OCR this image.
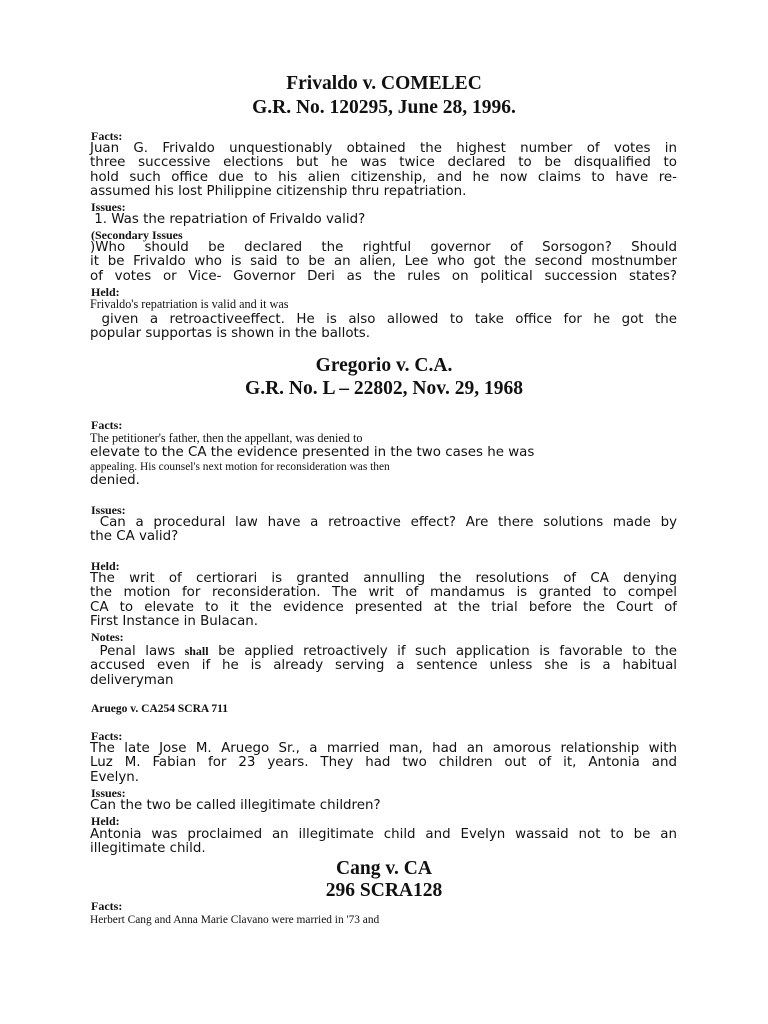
Frivaldo v. COMELEC
G.R. No. 120295, June 28, 1996.
Facts:
Juan G. Frivaldo unquestionably obtained the highest number of votes in
three successive elections but he was twice declared to be disqualified to
hold such office due to his alien citizenship, and he now claims to have re-
assumed his lost Philippine citizenship thru repatriation.
Issues:
1. Was the repatriation of Frivaldo valid?
(Secondary Issues
)Who should be declared the rightful governor of Sorsogon? Should
it be Frivaldo who is said to be an alien, Lee who got the second mostnumber
of votes or Vice- Governor Deri as the rules on political succession states?
Held:
Frivaldo's repatriation is valid and it was
given a retroactiveeffect. He is also allowed to take office for he got the
popular supportas is shown in the ballots.
Gregorio v. C.A.
G.R. No. L – 22802, Nov. 29, 1968
Facts:
The petitioner's father, then the appellant, was denied to
elevate to the CA the evidence presented in the two cases he was
appealing. His counsel's next motion for reconsideration was then
denied.
Issues:
Can a procedural law have a retroactive effect? Are there solutions made by
the CA valid?
Held:
The writ of certiorari is granted annulling the resolutions of CA denying
the motion for reconsideration. The writ of mandamus is granted to compel
CA to elevate to it the evidence presented at the trial before the Court of
First Instance in Bulacan.
Notes:
Penal laws shall be applied retroactively if such application is favorable to the
accused even if he is already serving a sentence unless she is a habitual
deliveryman
Aruego v. CA254 SCRA 711
Facts:
The late Jose M. Aruego Sr., a married man, had an amorous relationship with
Luz M. Fabian for 23 years. They had two children out of it, Antonia and
Evelyn.
Issues:
Can the two be called illegitimate children?
Held:
Antonia was proclaimed an illegitimate child and Evelyn wassaid not to be an
illegitimate child.
Cang v. CA
296 SCRA128
Facts:
Herbert Cang and Anna Marie Clavano were married in '73 and
